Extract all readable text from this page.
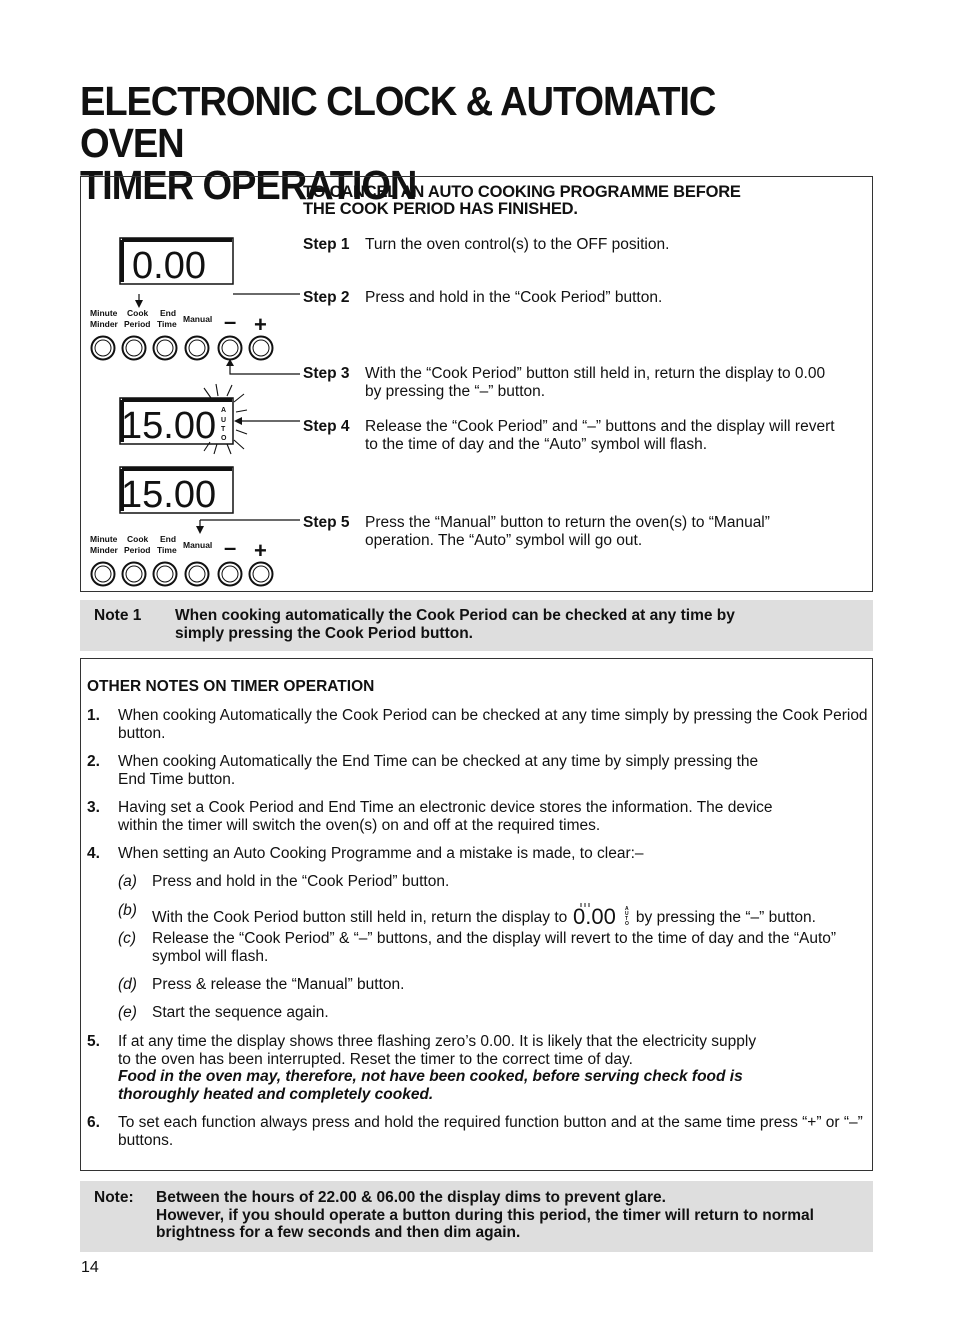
ELECTRONIC CLOCK & AUTOMATIC OVEN
TIMER OPERATION
TO CANCEL AN AUTO COOKING PROGRAMME BEFORE
THE COOK PERIOD HAS FINISHED.
Step 1 Turn the oven control(s) to the OFF position.
Step 2 Press and hold in the “Cook Period” button.
Step 3 With the “Cook Period” button still held in, return the display to 0.00 by pressing the “–” button.
Step 4 Release the “Cook Period” and “–” buttons and the display will revert to the time of day and the “Auto” symbol will flash.
Step 5 Press the “Manual” button to return the oven(s) to “Manual” operation. The “Auto” symbol will go out.
0.00
Minute
Minder
Cook
Period
End
Time Manual – +
15.00 A
U
T
O
15.00
Minute
Minder
Cook
Period
End
Time Manual – +
Note 1 When cooking automatically the Cook Period can be checked at any time by
simply pressing the Cook Period button.
OTHER NOTES ON TIMER OPERATION
1. When cooking Automatically the Cook Period can be checked at any time simply by pressing the Cook Period button.
2. When cooking Automatically the End Time can be checked at any time by simply pressing the
End Time button.
3. Having set a Cook Period and End Time an electronic device stores the information. The device
within the timer will switch the oven(s) on and off at the required times.
4. When setting an Auto Cooking Programme and a mistake is made, to clear:–
(a) Press and hold in the “Cook Period” button.
(b) With the Cook Period button still held in, return the display to 0.00 A
U
T
O by pressing the “–” button.
(c) Release the “Cook Period” & “–” buttons, and the display will revert to the time of day and the “Auto” symbol will flash.
(d) Press & release the “Manual” button.
(e) Start the sequence again.
5. If at any time the display shows three flashing zero’s 0.00. It is likely that the electricity supply
to the oven has been interrupted. Reset the timer to the correct time of day.
Food in the oven may, therefore, not have been cooked, before serving check food is
thoroughly heated and completely cooked.
6. To set each function always press and hold the required function button and at the same time press “+” or “–” buttons.
Note: Between the hours of 22.00 & 06.00 the display dims to prevent glare.
However, if you should operate a button during this period, the timer will return to normal
brightness for a few seconds and then dim again.
14
